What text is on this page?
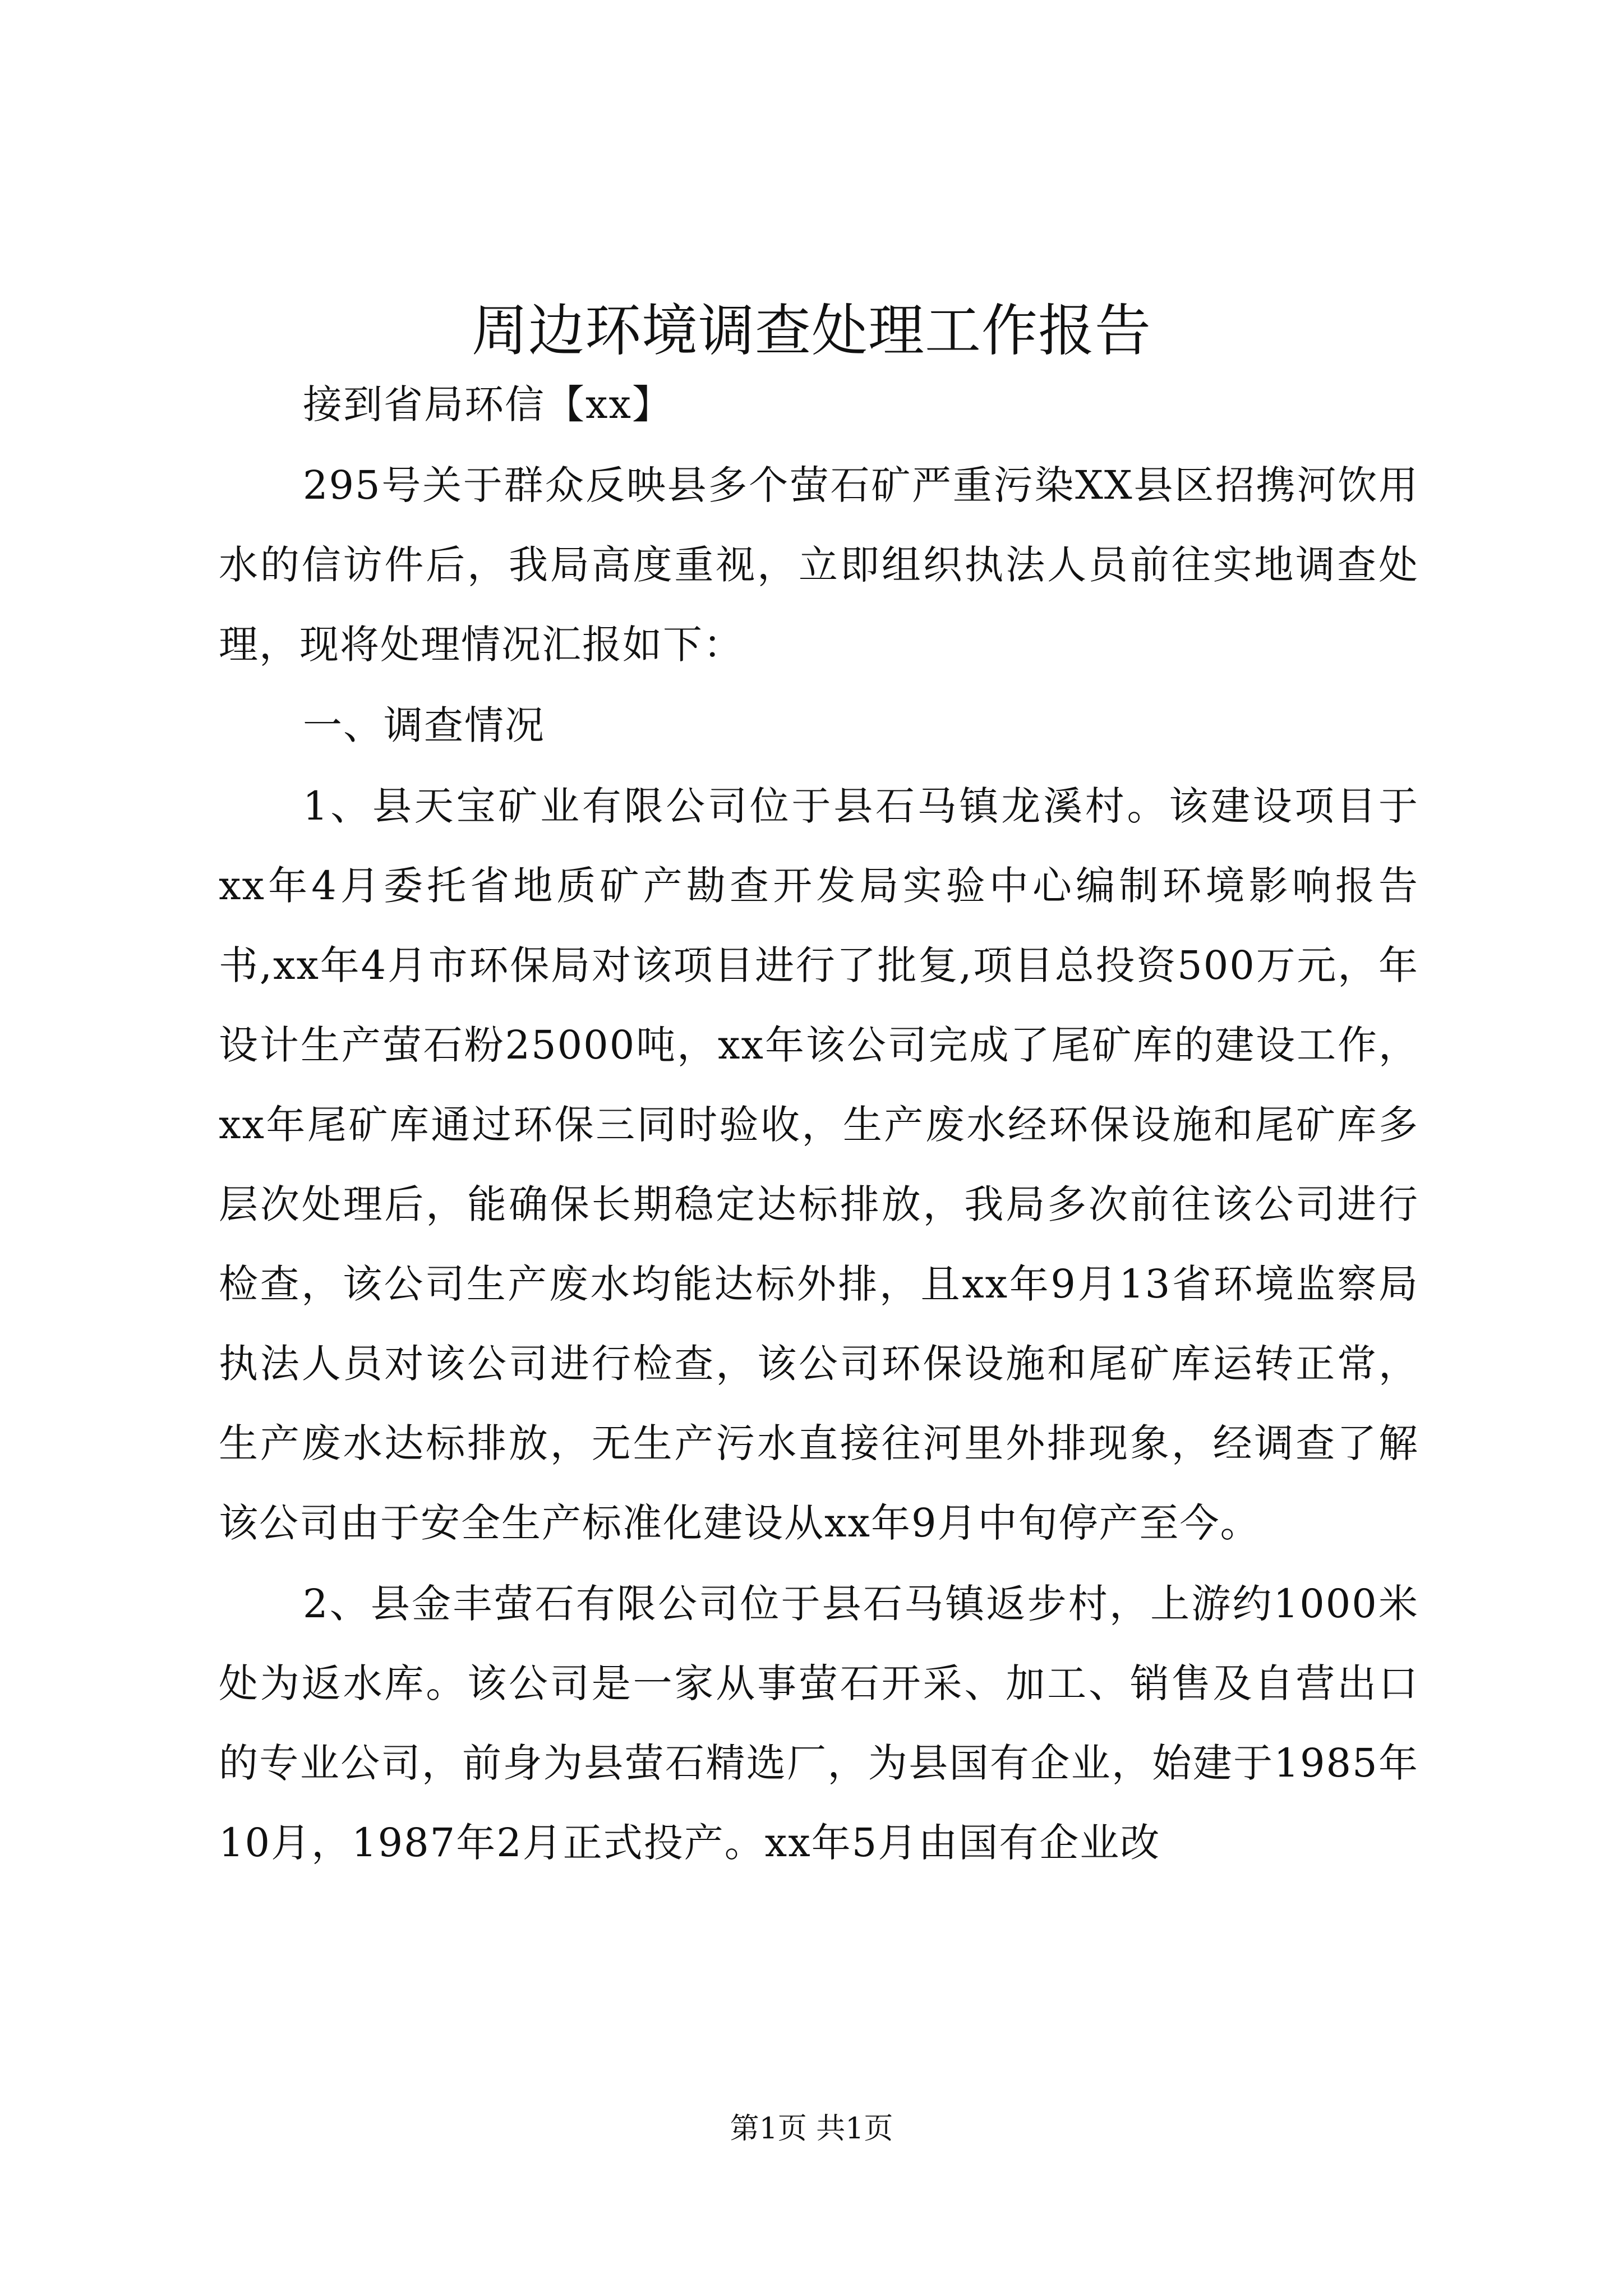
周边环境调查处理工作报告

接到省局环信【xx】

295号关于群众反映县多个萤石矿严重污染XX县区招携河饮用水的信访件后，我局高度重视，立即组织执法人员前往实地调查处理，现将处理情况汇报如下：

一、调查情况

1、县天宝矿业有限公司位于县石马镇龙溪村。该建设项目于xx年4月委托省地质矿产勘查开发局实验中心编制环境影响报告书,xx年4月市环保局对该项目进行了批复,项目总投资500万元，年设计生产萤石粉25000吨，xx年该公司完成了尾矿库的建设工作，xx年尾矿库通过环保三同时验收，生产废水经环保设施和尾矿库多层次处理后，能确保长期稳定达标排放，我局多次前往该公司进行检查，该公司生产废水均能达标外排，且xx年9月13省环境监察局执法人员对该公司进行检查，该公司环保设施和尾矿库运转正常，生产废水达标排放，无生产污水直接往河里外排现象，经调查了解该公司由于安全生产标准化建设从xx年9月中旬停产至今。

2、县金丰萤石有限公司位于县石马镇返步村，上游约1000米处为返水库。该公司是一家从事萤石开采、加工、销售及自营出口的专业公司，前身为县萤石精选厂，为县国有企业，始建于1985年10月，1987年2月正式投产。xx年5月由国有企业改

第1页 共1页
